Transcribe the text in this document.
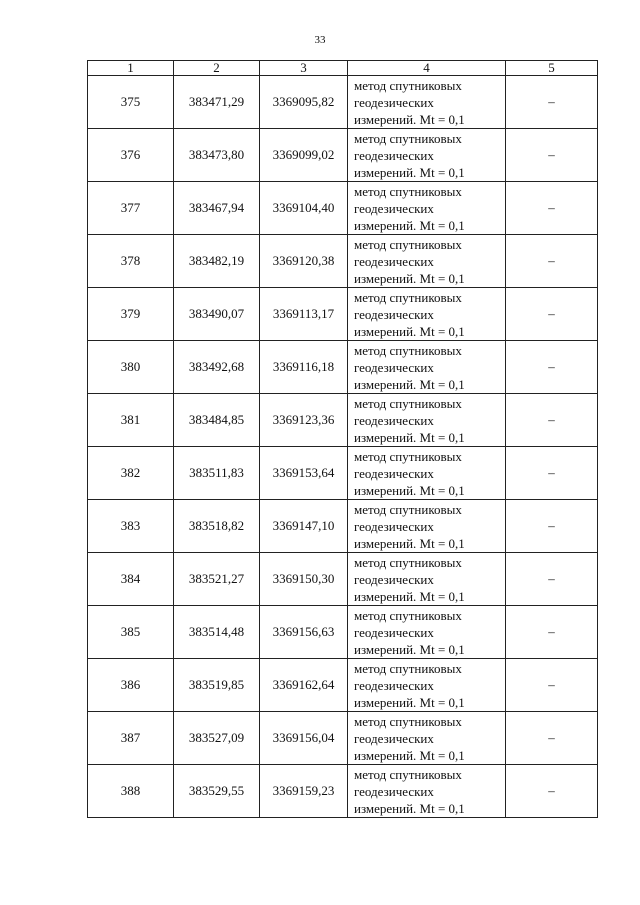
33
1	2	3	4	5
375	383471,29	3369095,82	метод спутниковых
геодезических
измерений. Mt = 0,1	–
376	383473,80	3369099,02	метод спутниковых
геодезических
измерений. Mt = 0,1	–
377	383467,94	3369104,40	метод спутниковых
геодезических
измерений. Mt = 0,1	–
378	383482,19	3369120,38	метод спутниковых
геодезических
измерений. Mt = 0,1	–
379	383490,07	3369113,17	метод спутниковых
геодезических
измерений. Mt = 0,1	–
380	383492,68	3369116,18	метод спутниковых
геодезических
измерений. Mt = 0,1	–
381	383484,85	3369123,36	метод спутниковых
геодезических
измерений. Mt = 0,1	–
382	383511,83	3369153,64	метод спутниковых
геодезических
измерений. Mt = 0,1	–
383	383518,82	3369147,10	метод спутниковых
геодезических
измерений. Mt = 0,1	–
384	383521,27	3369150,30	метод спутниковых
геодезических
измерений. Mt = 0,1	–
385	383514,48	3369156,63	метод спутниковых
геодезических
измерений. Mt = 0,1	–
386	383519,85	3369162,64	метод спутниковых
геодезических
измерений. Mt = 0,1	–
387	383527,09	3369156,04	метод спутниковых
геодезических
измерений. Mt = 0,1	–
388	383529,55	3369159,23	метод спутниковых
геодезических
измерений. Mt = 0,1	–
